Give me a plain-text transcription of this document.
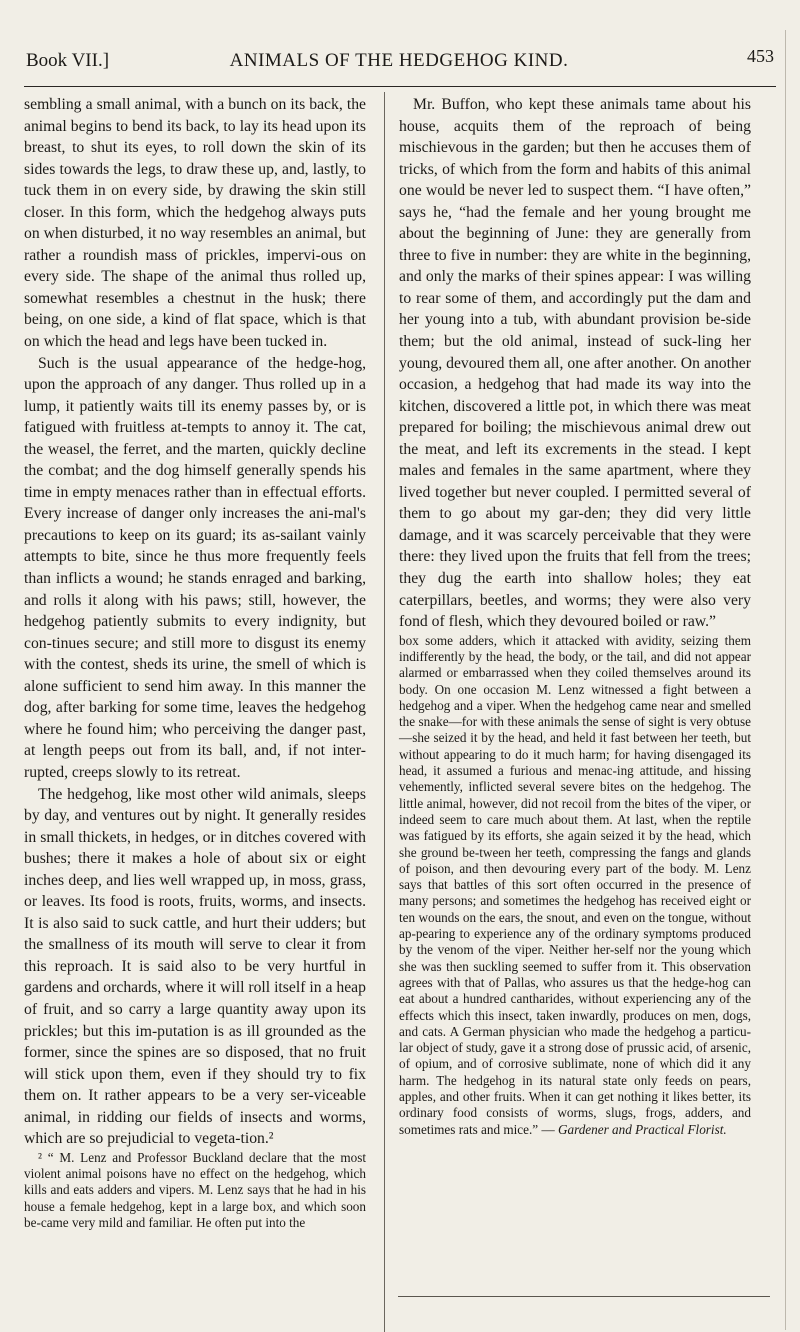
Book VII.]	ANIMALS OF THE HEDGEHOG KIND.	453

sembling a small animal, with a bunch on its back, the animal begins to bend its back, to lay its head upon its breast, to shut its eyes, to roll down the skin of its sides towards the legs, to draw these up, and, lastly, to tuck them in on every side, by drawing the skin still closer. In this form, which the hedgehog always puts on when disturbed, it no way resembles an animal, but rather a roundish mass of prickles, impervi-ous on every side. The shape of the animal thus rolled up, somewhat resembles a chestnut in the husk; there being, on one side, a kind of flat space, which is that on which the head and legs have been tucked in.

Such is the usual appearance of the hedge-hog, upon the approach of any danger. Thus rolled up in a lump, it patiently waits till its enemy passes by, or is fatigued with fruitless at-tempts to annoy it. The cat, the weasel, the ferret, and the marten, quickly decline the combat; and the dog himself generally spends his time in empty menaces rather than in effectual efforts. Every increase of danger only increases the ani-mal's precautions to keep on its guard; its as-sailant vainly attempts to bite, since he thus more frequently feels than inflicts a wound; he stands enraged and barking, and rolls it along with his paws; still, however, the hedgehog patiently submits to every indignity, but con-tinues secure; and still more to disgust its enemy with the contest, sheds its urine, the smell of which is alone sufficient to send him away. In this manner the dog, after barking for some time, leaves the hedgehog where he found him; who perceiving the danger past, at length peeps out from its ball, and, if not inter-rupted, creeps slowly to its retreat.

The hedgehog, like most other wild animals, sleeps by day, and ventures out by night. It generally resides in small thickets, in hedges, or in ditches covered with bushes; there it makes a hole of about six or eight inches deep, and lies well wrapped up, in moss, grass, or leaves. Its food is roots, fruits, worms, and insects. It is also said to suck cattle, and hurt their udders; but the smallness of its mouth will serve to clear it from this reproach. It is said also to be very hurtful in gardens and orchards, where it will roll itself in a heap of fruit, and so carry a large quantity away upon its prickles; but this im-putation is as ill grounded as the former, since the spines are so disposed, that no fruit will stick upon them, even if they should try to fix them on. It rather appears to be a very ser-viceable animal, in ridding our fields of insects and worms, which are so prejudicial to vegeta-tion.²

² “ M. Lenz and Professor Buckland declare that the most violent animal poisons have no effect on the hedgehog, which kills and eats adders and vipers. M. Lenz says that he had in his house a female hedgehog, kept in a large box, and which soon be-came very mild and familiar. He often put into the

Mr. Buffon, who kept these animals tame about his house, acquits them of the reproach of being mischievous in the garden; but then he accuses them of tricks, of which from the form and habits of this animal one would be never led to suspect them. “I have often,” says he, “had the female and her young brought me about the beginning of June: they are generally from three to five in number: they are white in the beginning, and only the marks of their spines appear: I was willing to rear some of them, and accordingly put the dam and her young into a tub, with abundant provision be-side them; but the old animal, instead of suck-ling her young, devoured them all, one after another. On another occasion, a hedgehog that had made its way into the kitchen, discovered a little pot, in which there was meat prepared for boiling; the mischievous animal drew out the meat, and left its excrements in the stead. I kept males and females in the same apartment, where they lived together but never coupled. I permitted several of them to go about my gar-den; they did very little damage, and it was scarcely perceivable that they were there: they lived upon the fruits that fell from the trees; they dug the earth into shallow holes; they eat caterpillars, beetles, and worms; they were also very fond of flesh, which they devoured boiled or raw.”

box some adders, which it attacked with avidity, seizing them indifferently by the head, the body, or the tail, and did not appear alarmed or embarrassed when they coiled themselves around its body. On one occasion M. Lenz witnessed a fight between a hedgehog and a viper. When the hedgehog came near and smelled the snake—for with these animals the sense of sight is very obtuse—she seized it by the head, and held it fast between her teeth, but without appearing to do it much harm; for having disengaged its head, it assumed a furious and menac-ing attitude, and hissing vehemently, inflicted several severe bites on the hedgehog. The little animal, however, did not recoil from the bites of the viper, or indeed seem to care much about them. At last, when the reptile was fatigued by its efforts, she again seized it by the head, which she ground be-tween her teeth, compressing the fangs and glands of poison, and then devouring every part of the body. M. Lenz says that battles of this sort often occurred in the presence of many persons; and sometimes the hedgehog has received eight or ten wounds on the ears, the snout, and even on the tongue, without ap-pearing to experience any of the ordinary symptoms produced by the venom of the viper. Neither her-self nor the young which she was then suckling seemed to suffer from it. This observation agrees with that of Pallas, who assures us that the hedge-hog can eat about a hundred cantharides, without experiencing any of the effects which this insect, taken inwardly, produces on men, dogs, and cats. A German physician who made the hedgehog a particu-lar object of study, gave it a strong dose of prussic acid, of arsenic, of opium, and of corrosive sublimate, none of which did it any harm. The hedgehog in its natural state only feeds on pears, apples, and other fruits. When it can get nothing it likes better, its ordinary food consists of worms, slugs, frogs, adders, and sometimes rats and mice.” — Gardener and Practical Florist.
